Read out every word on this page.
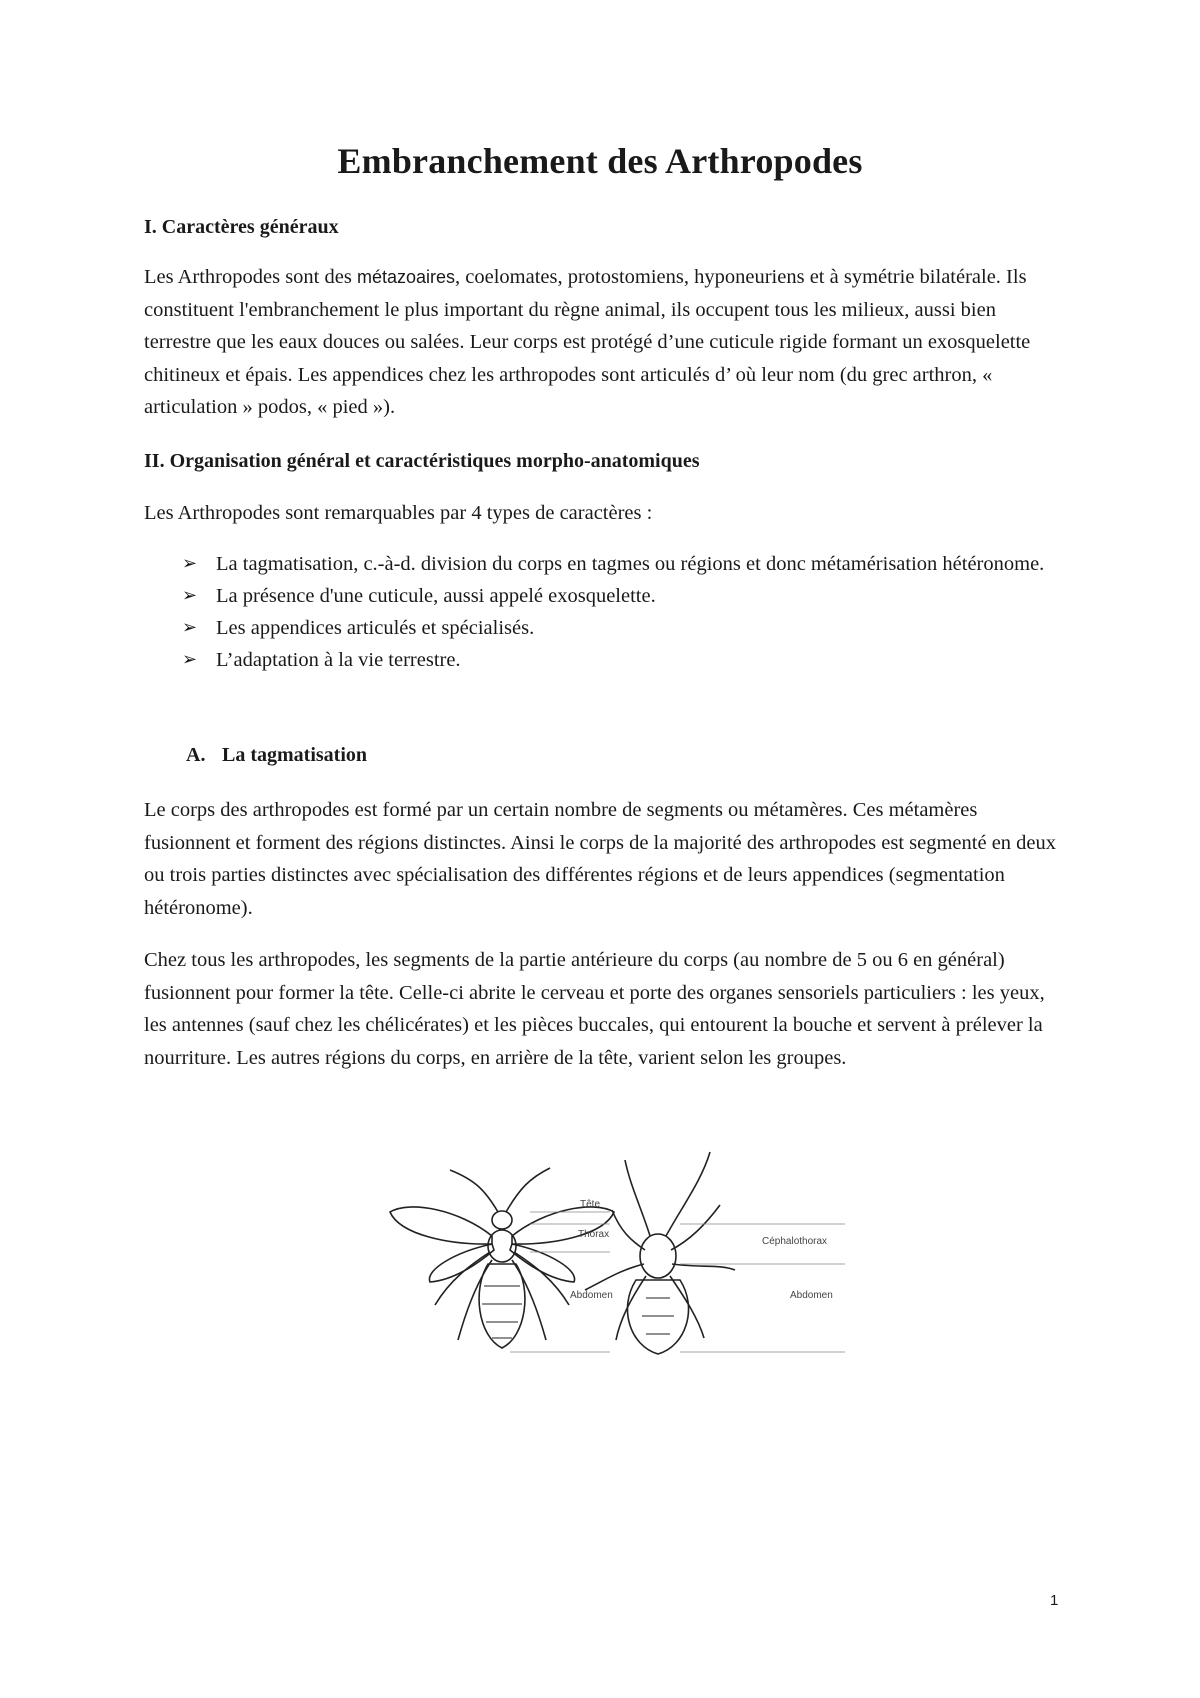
Embranchement des Arthropodes
I. Caractères généraux

Les Arthropodes sont des métazoaires, coelomates, protostomiens, hyponeuriens et à symétrie bilatérale. Ils constituent l'embranchement le plus important du règne animal, ils occupent tous les milieux, aussi bien terrestre que les eaux douces ou salées. Leur corps est protégé d’une cuticule rigide formant un exosquelette chitineux et épais. Les appendices chez les arthropodes sont articulés d’ où leur nom (du grec arthron, « articulation » podos, « pied »).

II. Organisation général et caractéristiques morpho-anatomiques

Les Arthropodes sont remarquables par 4 types de caractères :

➢ La tagmatisation, c.-à-d. division du corps en tagmes ou régions et donc métamérisation hétéronome.
➢ La présence d'une cuticule, aussi appelé exosquelette.
➢ Les appendices articulés et spécialisés.
➢ L’adaptation à la vie terrestre.
A. La tagmatisation

Le corps des arthropodes est formé par un certain nombre de segments ou métamères. Ces métamères fusionnent et forment des régions distinctes. Ainsi le corps de la majorité des arthropodes est segmenté en deux ou trois parties distinctes avec spécialisation des différentes régions et de leurs appendices (segmentation hétéronome).

Chez tous les arthropodes, les segments de la partie antérieure du corps (au nombre de 5 ou 6 en général) fusionnent pour former la tête. Celle-ci abrite le cerveau et porte des organes sensoriels particuliers : les yeux, les antennes (sauf chez les chélicérates) et les pièces buccales, qui entourent la bouche et servent à prélever la nourriture. Les autres régions du corps, en arrière de la tête, varient selon les groupes.

Tête
Thorax
Abdomen
Céphalothorax
Abdomen
1
